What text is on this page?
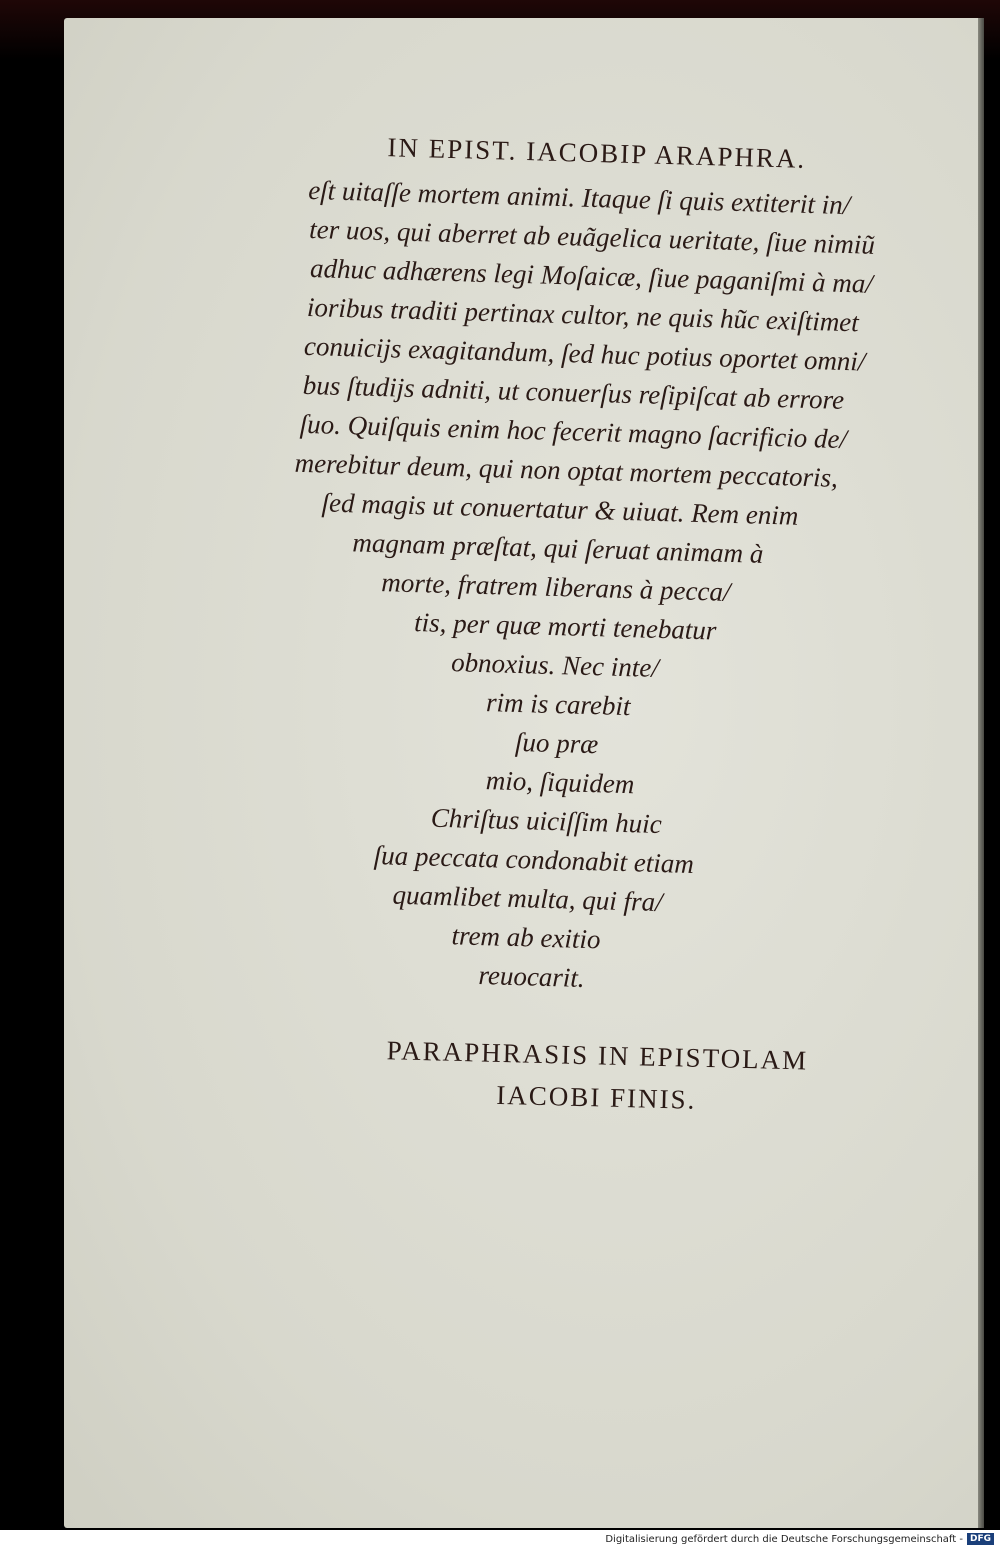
IN EPIST. IACOBIP ARAPHRA.
eſt uitaſſe mortem animi. Itaque ſi quis extiterit in/
ter uos, qui aberret ab euãgelica ueritate, ſiue nimiũ
adhuc adhærens legi Moſaicæ, ſiue paganiſmi à ma/
ioribus traditi pertinax cultor, ne quis hũc exiſtimet
conuicijs exagitandum, ſed huc potius oportet omni/
bus ſtudijs adniti, ut conuerſus reſipiſcat ab errore
ſuo. Quiſquis enim hoc fecerit magno ſacrificio de/
merebitur deum, qui non optat mortem peccatoris,
ſed magis ut conuertatur & uiuat. Rem enim
magnam præſtat, qui ſeruat animam à
morte, fratrem liberans à pecca/
tis, per quæ morti tenebatur
obnoxius. Nec inte/
rim is carebit
ſuo præ
mio, ſiquidem
Chriſtus uiciſſim huic
ſua peccata condonabit etiam
quamlibet multa, qui fra/
trem ab exitio
reuocarit.
PARAPHRASIS IN EPISTOLAM
IACOBI FINIS.
Digitalisierung gefördert durch die Deutsche Forschungsgemeinschaft - DFG
